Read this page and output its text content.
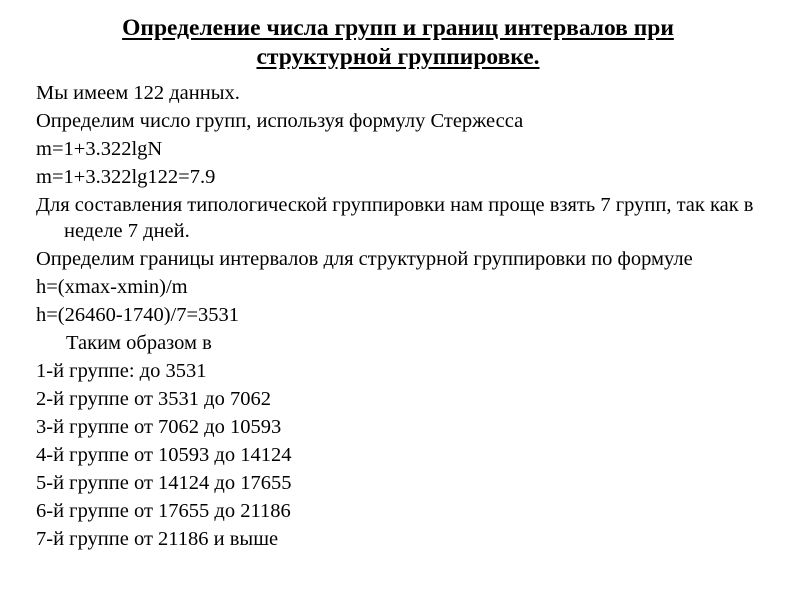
Определение числа групп и границ интервалов при
структурной группировке.
Мы имеем 122 данных.
Определим число групп, используя формулу Стержесса
m=1+3.322lgN
m=1+3.322lg122=7.9
Для составления типологической группировки нам проще взять 7 групп, так как в неделе 7 дней.
Определим границы интервалов для структурной группировки по формуле
h=(xmax-xmin)/m
h=(26460-1740)/7=3531
Таким образом в
1-й группе: до 3531
2-й группе от 3531 до 7062
3-й группе от 7062 до 10593
4-й группе от 10593 до 14124
5-й группе от 14124 до 17655
6-й группе от 17655 до 21186
7-й группе от 21186 и выше
